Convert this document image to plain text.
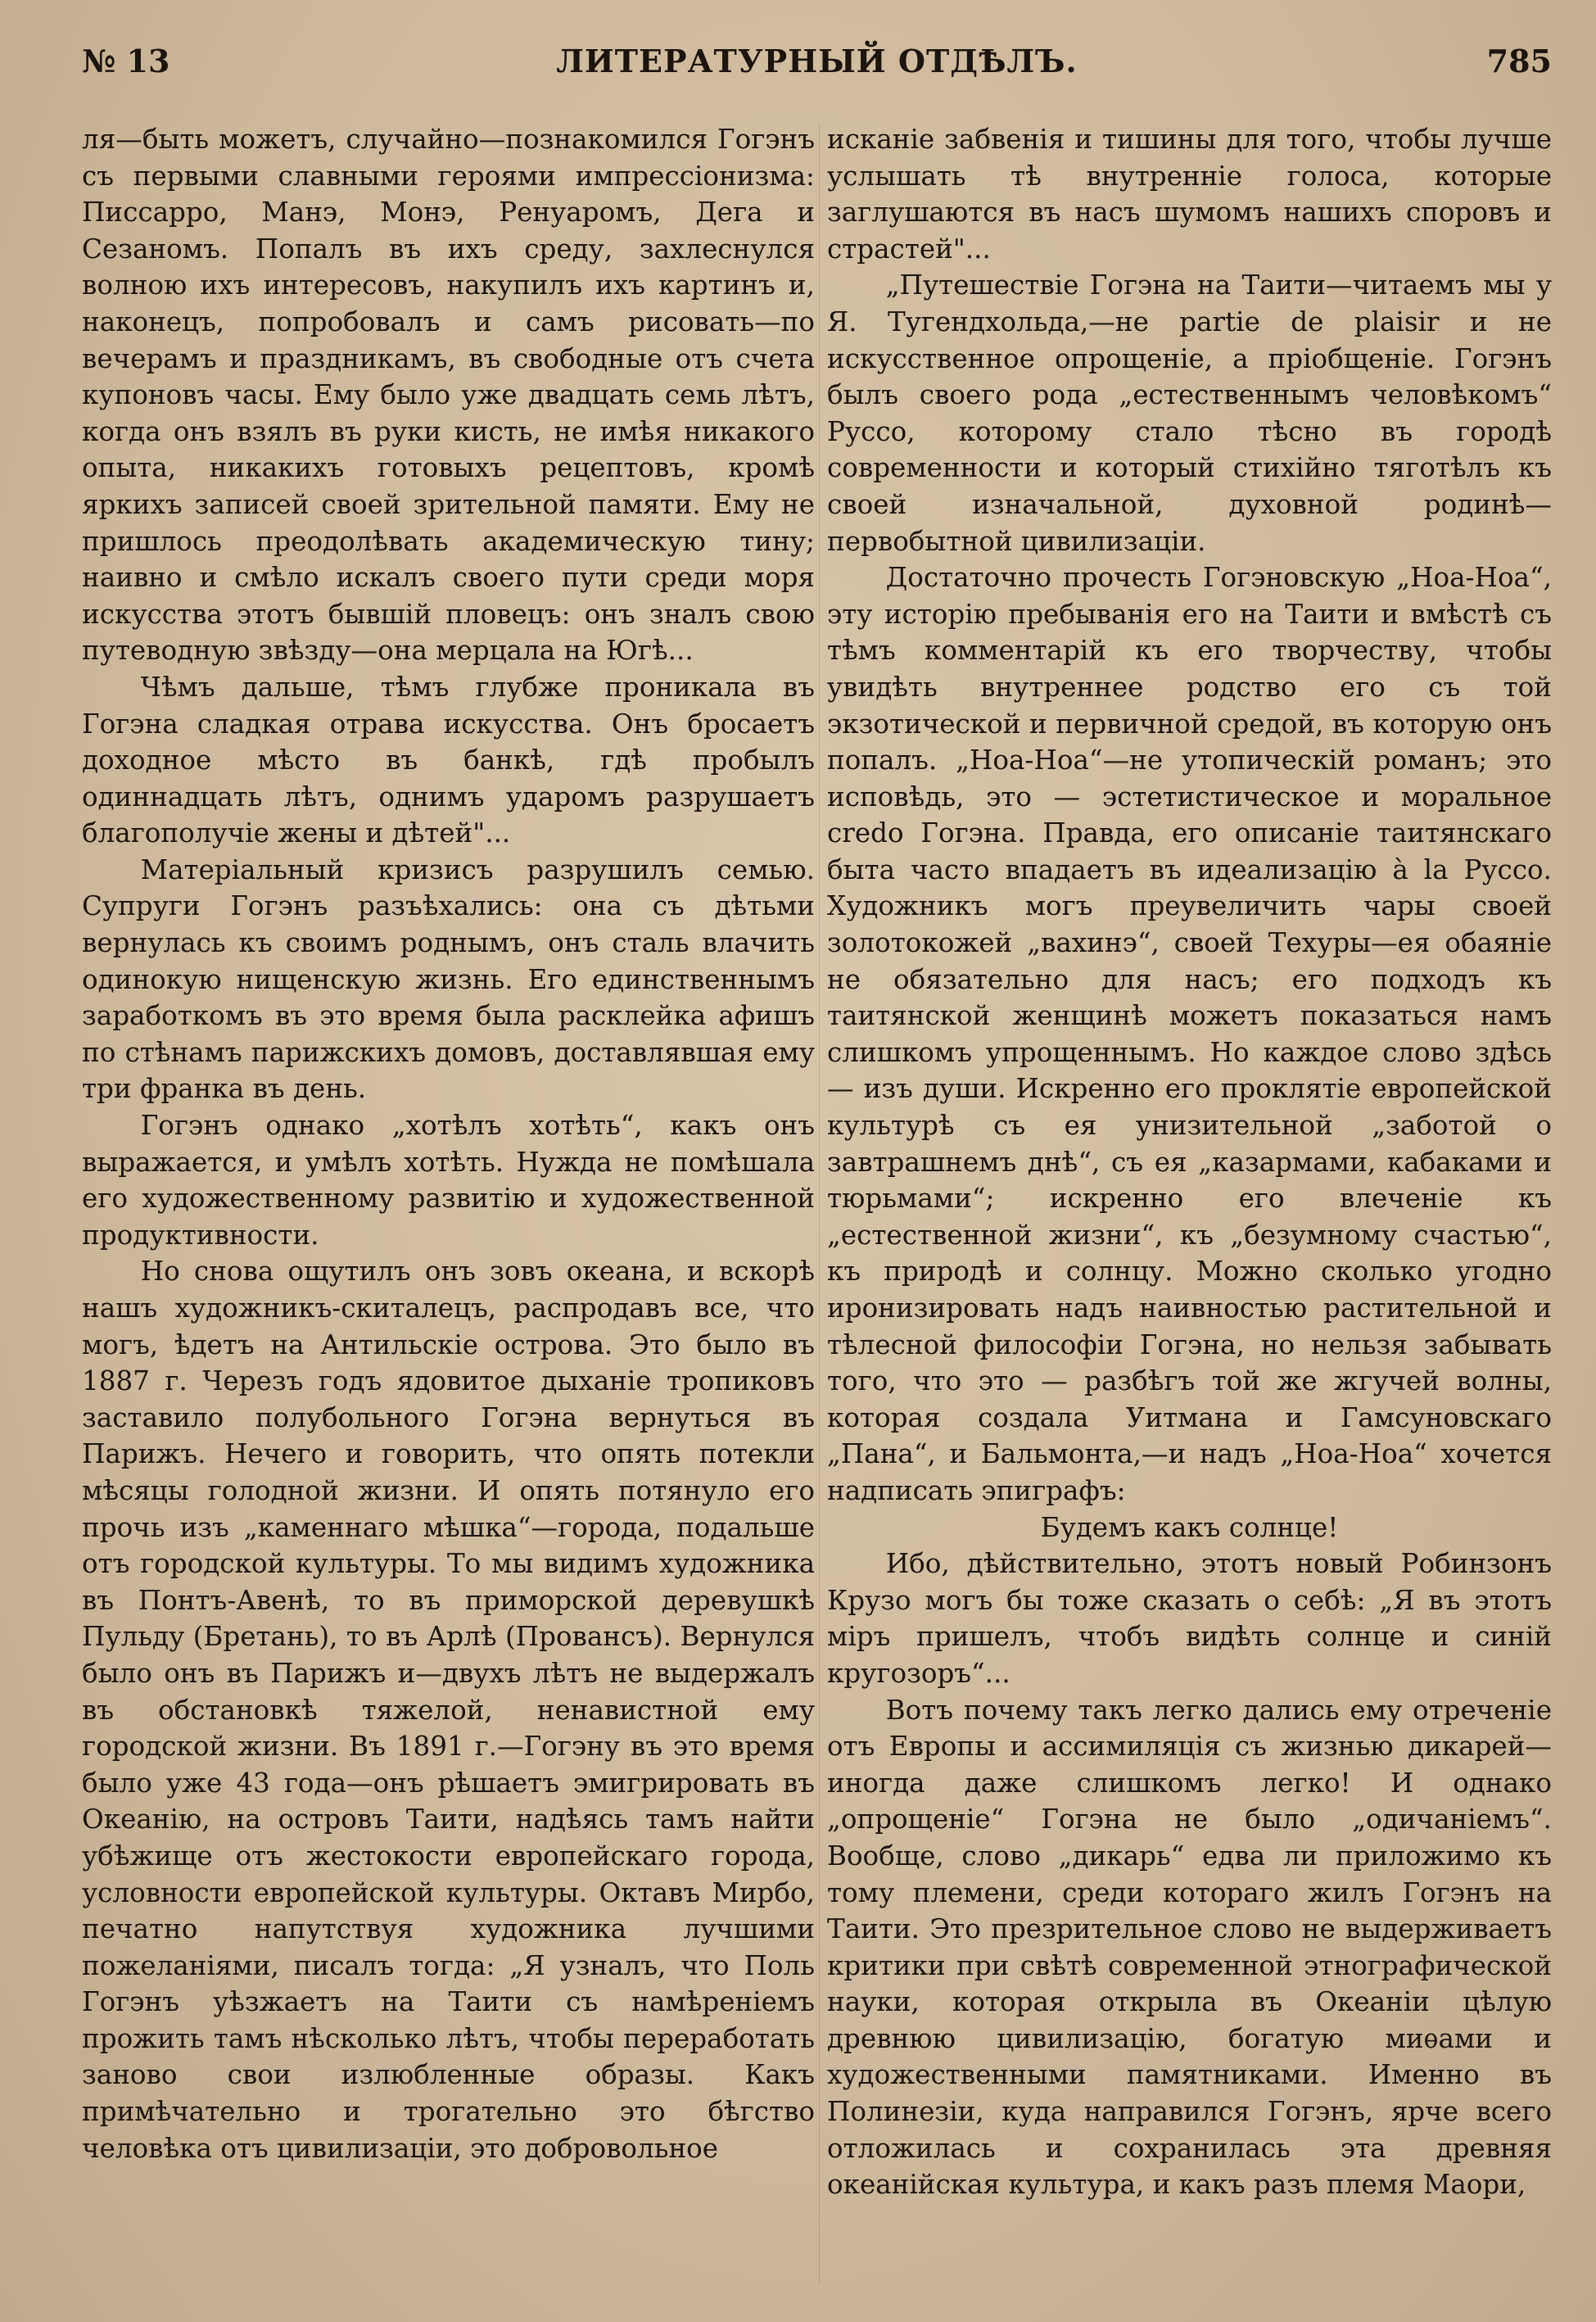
№ 13	ЛИТЕРАТУРНЫЙ ОТДѢЛЪ.	785

ля—быть можетъ, случайно—познакомился Гогэнъ съ первыми славными героями импрессіонизма: Писсарро, Манэ, Монэ, Ренуаромъ, Дега и Сезаномъ. Попалъ въ ихъ среду, захлеснулся волною ихъ интересовъ, накупилъ ихъ картинъ и, наконецъ, попробовалъ и самъ рисовать—по вечерамъ и праздникамъ, въ свободные отъ счета купоновъ часы. Ему было уже двадцать семь лѣтъ, когда онъ взялъ въ руки кисть, не имѣя никакого опыта, никакихъ готовыхъ рецептовъ, кромѣ яркихъ записей своей зрительной памяти. Ему не пришлось преодолѣвать академическую тину; наивно и смѣло искалъ своего пути среди моря искусства этотъ бывшій пловецъ: онъ зналъ свою путеводную звѣзду—она мерцала на Югѣ...

Чѣмъ дальше, тѣмъ глубже проникала въ Гогэна сладкая отрава искусства. Онъ бросаетъ доходное мѣсто въ банкѣ, гдѣ пробылъ одиннадцать лѣтъ, однимъ ударомъ разрушаетъ благополучіе жены и дѣтей"...

Матеріальный кризисъ разрушилъ семью. Супруги Гогэнъ разъѣхались: она съ дѣтьми вернулась къ своимъ роднымъ, онъ сталь влачить одинокую нищенскую жизнь. Его единственнымъ заработкомъ въ это время была расклейка афишъ по стѣнамъ парижскихъ домовъ, доставлявшая ему три франка въ день.

Гогэнъ однако „хотѣлъ хотѣть“, какъ онъ выражается, и умѣлъ хотѣть. Нужда не помѣшала его художественному развитію и художественной продуктивности.

Но снова ощутилъ онъ зовъ океана, и вскорѣ нашъ художникъ-скиталецъ, распродавъ все, что могъ, ѣдетъ на Антильскіе острова. Это было въ 1887 г. Черезъ годъ ядовитое дыханіе тропиковъ заставило полубольного Гогэна вернуться въ Парижъ. Нечего и говорить, что опять потекли мѣсяцы голодной жизни. И опять потянуло его прочь изъ „каменнаго мѣшка“—города, подальше отъ городской культуры. То мы видимъ художника въ Понтъ-Авенѣ, то въ приморской деревушкѣ Пульду (Бретань), то въ Арлѣ (Провансъ). Вернулся было онъ въ Парижъ и—двухъ лѣтъ не выдержалъ въ обстановкѣ тяжелой, ненавистной ему городской жизни. Въ 1891 г.—Гогэну въ это время было уже 43 года—онъ рѣшаетъ эмигрировать въ Океанію, на островъ Таити, надѣясь тамъ найти убѣжище отъ жестокости европейскаго города, условности европейской культуры. Октавъ Мирбо, печатно напутствуя художника лучшими пожеланіями, писалъ тогда: „Я узналъ, что Поль Гогэнъ уѣзжаетъ на Таити съ намѣреніемъ прожить тамъ нѣсколько лѣтъ, чтобы переработать заново свои излюбленные образы. Какъ примѣчательно и трогательно это бѣгство человѣка отъ цивилизаціи, это добровольное

исканіе забвенія и тишины для того, чтобы лучше услышать тѣ внутренніе голоса, которые заглушаются въ насъ шумомъ нашихъ споровъ и страстей"...

„Путешествіе Гогэна на Таити—читаемъ мы у Я. Тугендхольда,—не partie de plaisir и не искусственное опрощеніе, а пріобщеніе. Гогэнъ былъ своего рода „естественнымъ человѣкомъ“ Руссо, которому стало тѣсно въ городѣ современности и который стихійно тяготѣлъ къ своей изначальной, духовной родинѣ—первобытной цивилизаціи.

Достаточно прочесть Гогэновскую „Ноа-Ноа“, эту исторію пребыванія его на Таити и вмѣстѣ съ тѣмъ комментарій къ его творчеству, чтобы увидѣть внутреннее родство его съ той экзотической и первичной средой, въ которую онъ попалъ. „Ноа-Ноа“—не утопическій романъ; это исповѣдь, это — эстетистическое и моральное credo Гогэна. Правда, его описаніе таитянскаго быта часто впадаетъ въ идеализацію à la Руссо. Художникъ могъ преувеличить чары своей золотокожей „вахинэ“, своей Техуры—ея обаяніе не обязательно для насъ; его подходъ къ таитянской женщинѣ можетъ показаться намъ слишкомъ упрощеннымъ. Но каждое слово здѣсь — изъ души. Искренно его проклятіе европейской культурѣ съ ея унизительной „заботой о завтрашнемъ днѣ“, съ ея „казармами, кабаками и тюрьмами“; искренно его влеченіе къ „естественной жизни“, къ „безумному счастью“, къ природѣ и солнцу. Можно сколько угодно иронизировать надъ наивностью растительной и тѣлесной философіи Гогэна, но нельзя забывать того, что это — разбѣгъ той же жгучей волны, которая создала Уитмана и Гамсуновскаго „Пана“, и Бальмонта,—и надъ „Ноа-Ноа“ хочется надписать эпиграфъ:

Будемъ какъ солнце!

Ибо, дѣйствительно, этотъ новый Робинзонъ Крузо могъ бы тоже сказать о себѣ: „Я въ этотъ міръ пришелъ, чтобъ видѣть солнце и синій кругозоръ“...

Вотъ почему такъ легко дались ему отреченіе отъ Европы и ассимиляція съ жизнью дикарей—иногда даже слишкомъ легко! И однако „опрощеніе“ Гогэна не было „одичаніемъ“. Вообще, слово „дикарь“ едва ли приложимо къ тому племени, среди котораго жилъ Гогэнъ на Таити. Это презрительное слово не выдерживаетъ критики при свѣтѣ современной этнографической науки, которая открыла въ Океаніи цѣлую древнюю цивилизацію, богатую миѳами и художественными памятниками. Именно въ Полинезіи, куда направился Гогэнъ, ярче всего отложилась и сохранилась эта древняя океанійская культура, и какъ разъ племя Маори,
